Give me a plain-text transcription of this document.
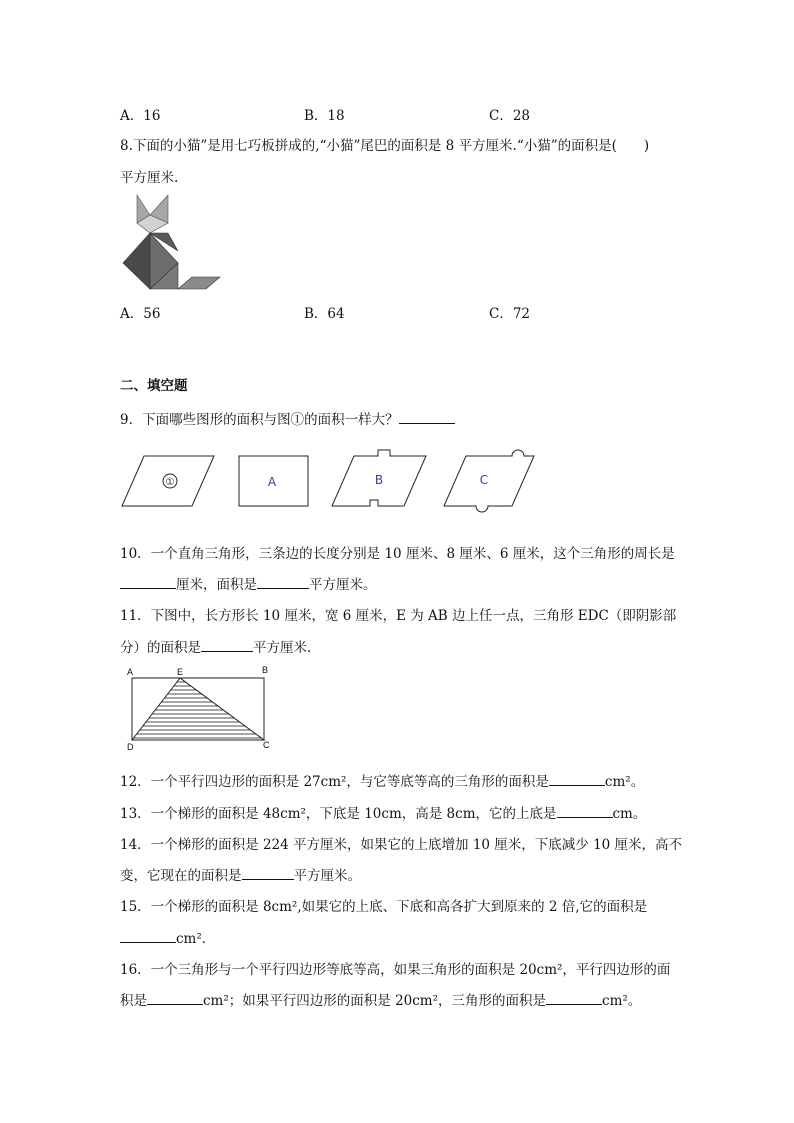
A．16	B．18	C．28
8.下面的小猫”是用七巧板拼成的,“小猫”尾巴的面积是 8 平方厘米.“小猫”的面积是(　　)
平方厘米.
A．56	B．64	C．72
二、填空题
9．下面哪些图形的面积与图①的面积一样大？
①	A	B	C
10．一个直角三角形，三条边的长度分别是 10 厘米、8 厘米、6 厘米，这个三角形的周长是
厘米，面积是	平方厘米。
11．下图中，长方形长 10 厘米，宽 6 厘米，E 为 AB 边上任一点，三角形 EDC（即阴影部
分）的面积是	平方厘米.
A	E	B
D	C
12．一个平行四边形的面积是 27cm²，与它等底等高的三角形的面积是	cm²。
13．一个梯形的面积是 48cm²，下底是 10cm，高是 8cm，它的上底是	cm。
14．一个梯形的面积是 224 平方厘米，如果它的上底增加 10 厘米，下底减少 10 厘米，高不
变，它现在的面积是	平方厘米。
15．一个梯形的面积是 8cm²,如果它的上底、下底和高各扩大到原来的 2 倍,它的面积是
cm²．
16．一个三角形与一个平行四边形等底等高，如果三角形的面积是 20cm²，平行四边形的面
积是	cm²；如果平行四边形的面积是 20cm²，三角形的面积是	cm²。
